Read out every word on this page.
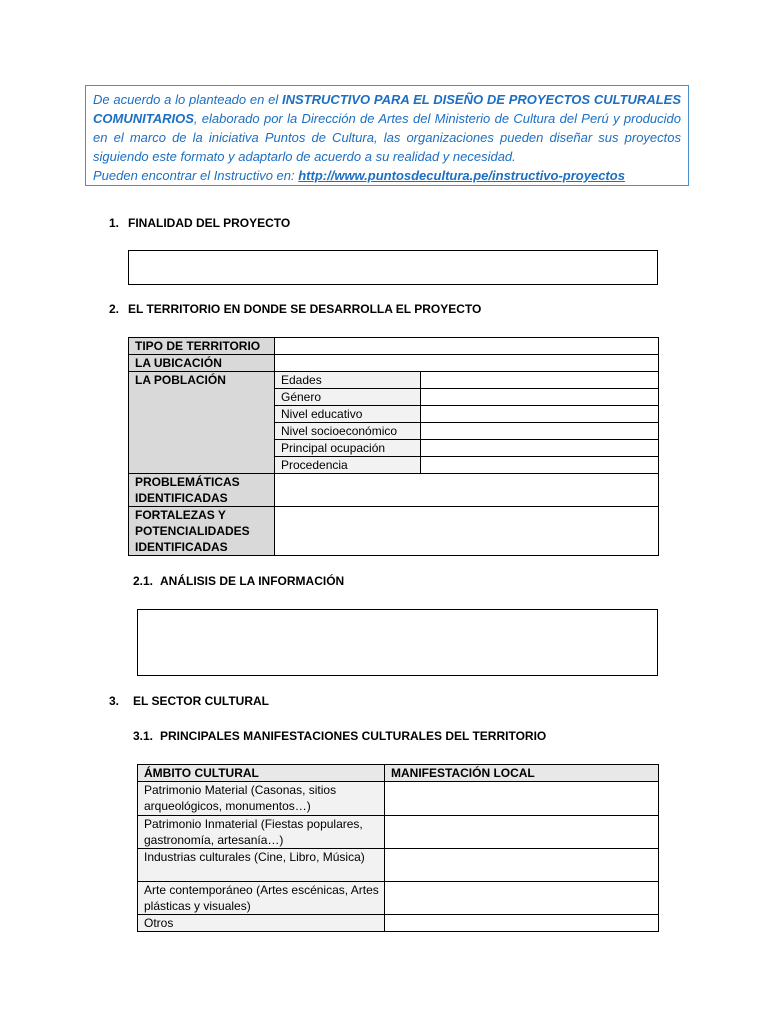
De acuerdo a lo planteado en el INSTRUCTIVO PARA EL DISEÑO DE PROYECTOS CULTURALES COMUNITARIOS, elaborado por la Dirección de Artes del Ministerio de Cultura del Perú y producido en el marco de la iniciativa Puntos de Cultura, las organizaciones pueden diseñar sus proyectos siguiendo este formato y adaptarlo de acuerdo a su realidad y necesidad.

Pueden encontrar el Instructivo en: http://www.puntosdecultura.pe/instructivo-proyectos

1. FINALIDAD DEL PROYECTO
2. EL TERRITORIO EN DONDE SE DESARROLLA EL PROYECTO
TIPO DE TERRITORIO		
LA UBICACIÓN		
LA POBLACIÓN	Edades	
	Género	
	Nivel educativo	
	Nivel socioeconómico	
	Principal ocupación	
	Procedencia	
PROBLEMÁTICAS IDENTIFICADAS		
FORTALEZAS Y POTENCIALIDADES IDENTIFICADAS		
2.1. ANÁLISIS DE LA INFORMACIÓN
3. EL SECTOR CULTURAL
3.1. PRINCIPALES MANIFESTACIONES CULTURALES DEL TERRITORIO
ÁMBITO CULTURAL	MANIFESTACIÓN LOCAL
Patrimonio Material (Casonas, sitios arqueológicos, monumentos…)	
Patrimonio Inmaterial (Fiestas populares, gastronomía, artesanía…)	
Industrias culturales (Cine, Libro, Música)	
Arte contemporáneo (Artes escénicas, Artes plásticas y visuales)	
Otros	
